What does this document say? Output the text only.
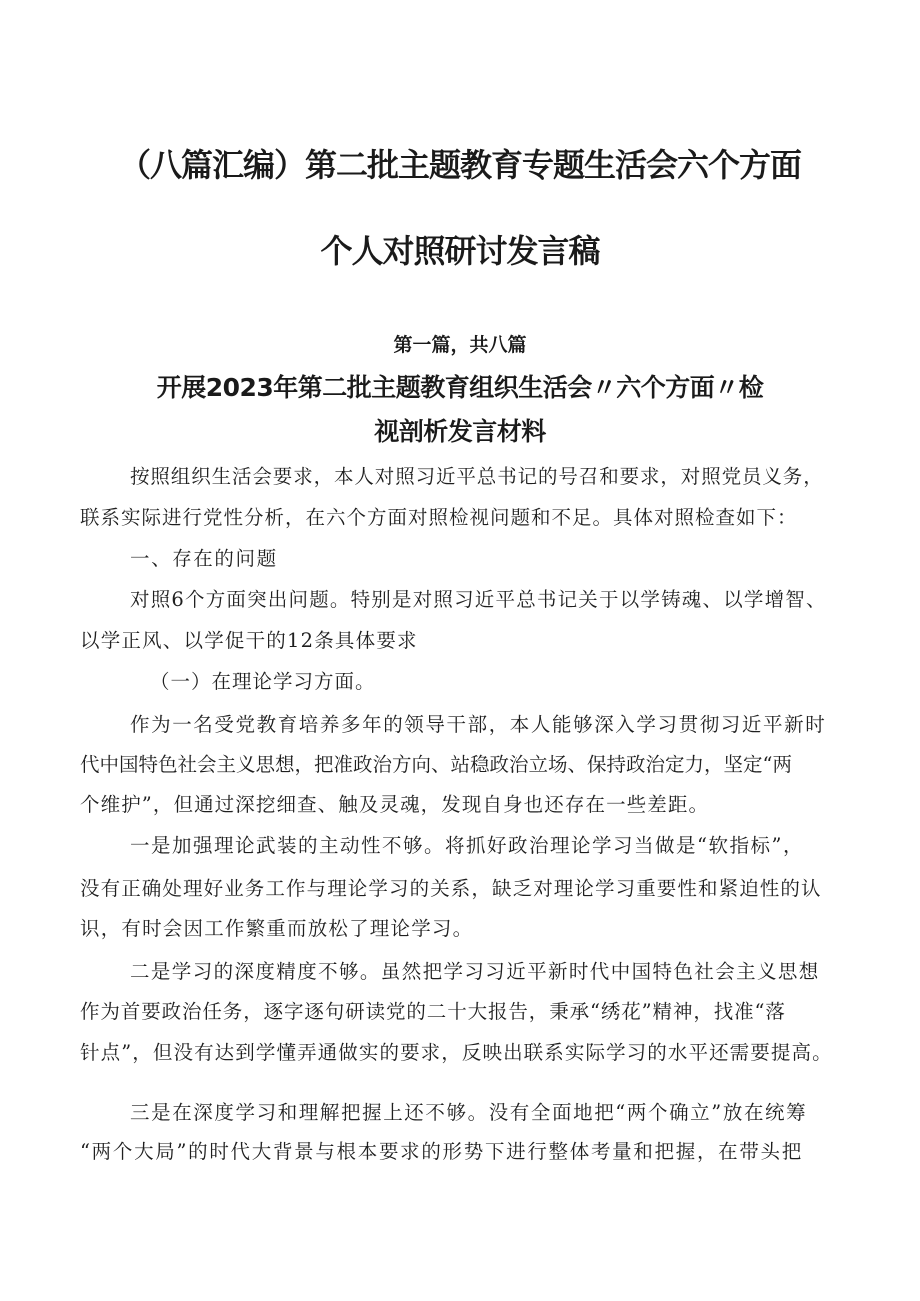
（八篇汇编）第二批主题教育专题生活会六个方面
个人对照研讨发言稿
第一篇，共八篇
开展2023年第二批主题教育组织生活会〃六个方面〃检
视剖析发言材料
按照组织生活会要求，本人对照习近平总书记的号召和要求，对照党员义务，
联系实际进行党性分析，在六个方面对照检视问题和不足。具体对照检查如下：
一、存在的问题
对照6个方面突出问题。特别是对照习近平总书记关于以学铸魂、以学增智、
以学正风、以学促干的12条具体要求
（一）在理论学习方面。
作为一名受党教育培养多年的领导干部，本人能够深入学习贯彻习近平新时
代中国特色社会主义思想，把准政治方向、站稳政治立场、保持政治定力，坚定“两
个维护”，但通过深挖细查、触及灵魂，发现自身也还存在一些差距。
一是加强理论武装的主动性不够。将抓好政治理论学习当做是“软指标”，
没有正确处理好业务工作与理论学习的关系，缺乏对理论学习重要性和紧迫性的认
识，有时会因工作繁重而放松了理论学习。
二是学习的深度精度不够。虽然把学习习近平新时代中国特色社会主义思想
作为首要政治任务，逐字逐句研读党的二十大报告，秉承“绣花”精神，找准“落
针点”，但没有达到学懂弄通做实的要求，反映出联系实际学习的水平还需要提高。
三是在深度学习和理解把握上还不够。没有全面地把“两个确立”放在统筹
“两个大局”的时代大背景与根本要求的形势下进行整体考量和把握，在带头把
